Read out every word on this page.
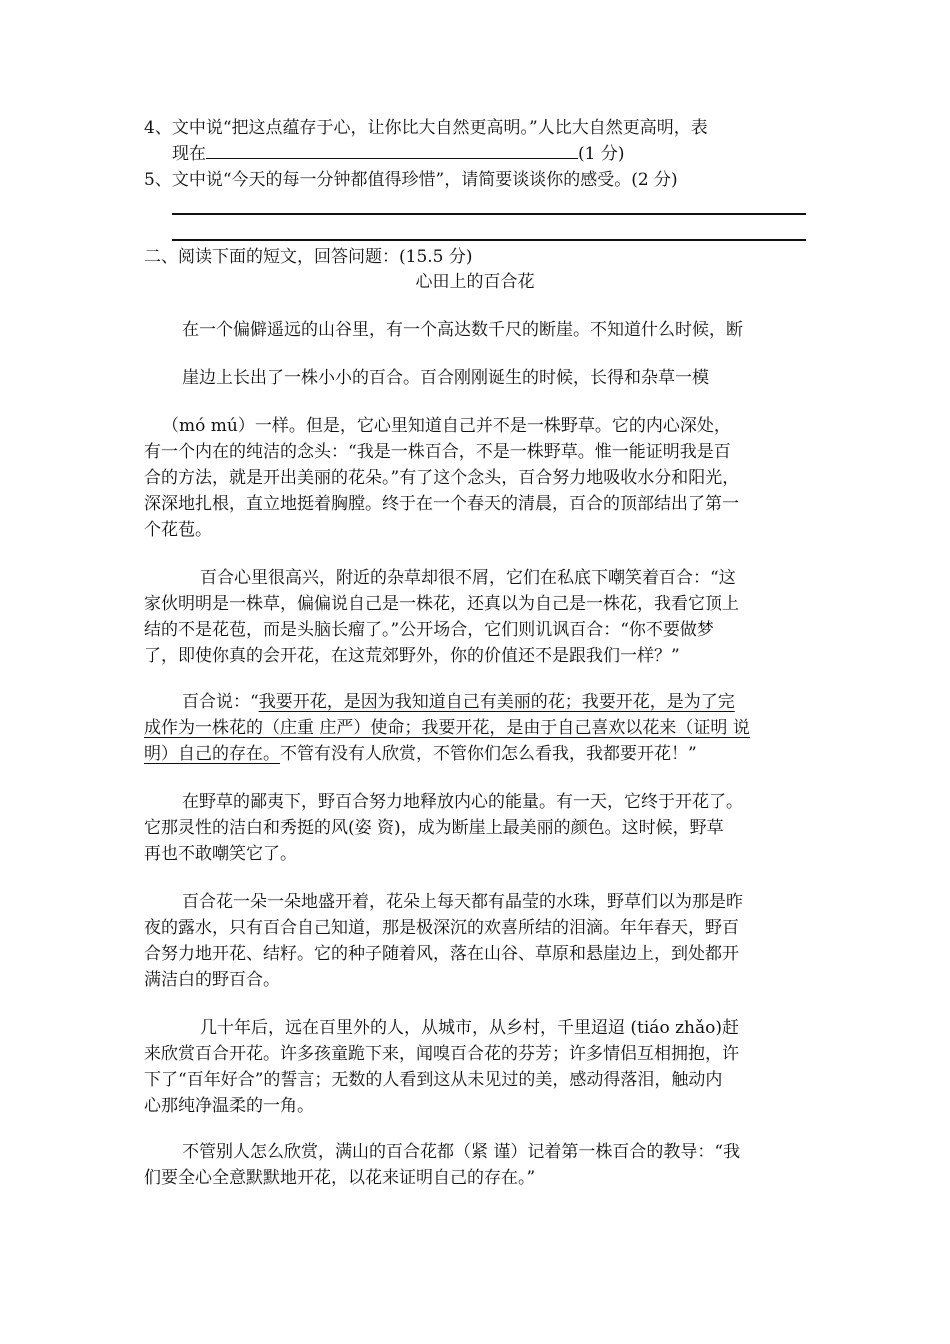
4、文中说“把这点蕴存于心，让你比大自然更高明。”人比大自然更高明，表
现在	(1 分)
5、文中说“今天的每一分钟都值得珍惜”，请简要谈谈你的感受。(2 分)
二、阅读下面的短文，回答问题：(15.5 分)
心田上的百合花
在一个偏僻遥远的山谷里，有一个高达数千尺的断崖。不知道什么时候，断
崖边上长出了一株小小的百合。百合刚刚诞生的时候，长得和杂草一模
（mó mú）一样。但是，它心里知道自己并不是一株野草。它的内心深处，
有一个内在的纯洁的念头：“我是一株百合，不是一株野草。惟一能证明我是百
合的方法，就是开出美丽的花朵。”有了这个念头，百合努力地吸收水分和阳光，
深深地扎根，直立地挺着胸膛。终于在一个春天的清晨，百合的顶部结出了第一
个花苞。
百合心里很高兴，附近的杂草却很不屑，它们在私底下嘲笑着百合：“这
家伙明明是一株草，偏偏说自己是一株花，还真以为自己是一株花，我看它顶上
结的不是花苞，而是头脑长瘤了。”公开场合，它们则讥讽百合：“你不要做梦
了，即使你真的会开花，在这荒郊野外，你的价值还不是跟我们一样？”
百合说：“我要开花，是因为我知道自己有美丽的花；我要开花，是为了完
成作为一株花的（庄重 庄严）使命；我要开花，是由于自己喜欢以花来（证明 说
明）自己的存在。不管有没有人欣赏，不管你们怎么看我，我都要开花！”
在野草的鄙夷下，野百合努力地释放内心的能量。有一天，它终于开花了。
它那灵性的洁白和秀挺的风(姿 资)，成为断崖上最美丽的颜色。这时候，野草
再也不敢嘲笑它了。
百合花一朵一朵地盛开着，花朵上每天都有晶莹的水珠，野草们以为那是昨
夜的露水，只有百合自己知道，那是极深沉的欢喜所结的泪滴。年年春天，野百
合努力地开花、结籽。它的种子随着风，落在山谷、草原和悬崖边上，到处都开
满洁白的野百合。
几十年后，远在百里外的人，从城市，从乡村，千里迢迢 (tiáo zhǎo)赶
来欣赏百合开花。许多孩童跪下来，闻嗅百合花的芬芳；许多情侣互相拥抱，许
下了“百年好合”的誓言；无数的人看到这从未见过的美，感动得落泪，触动内
心那纯净温柔的一角。
不管别人怎么欣赏，满山的百合花都（紧 谨）记着第一株百合的教导：“我
们要全心全意默默地开花，以花来证明自己的存在。”
